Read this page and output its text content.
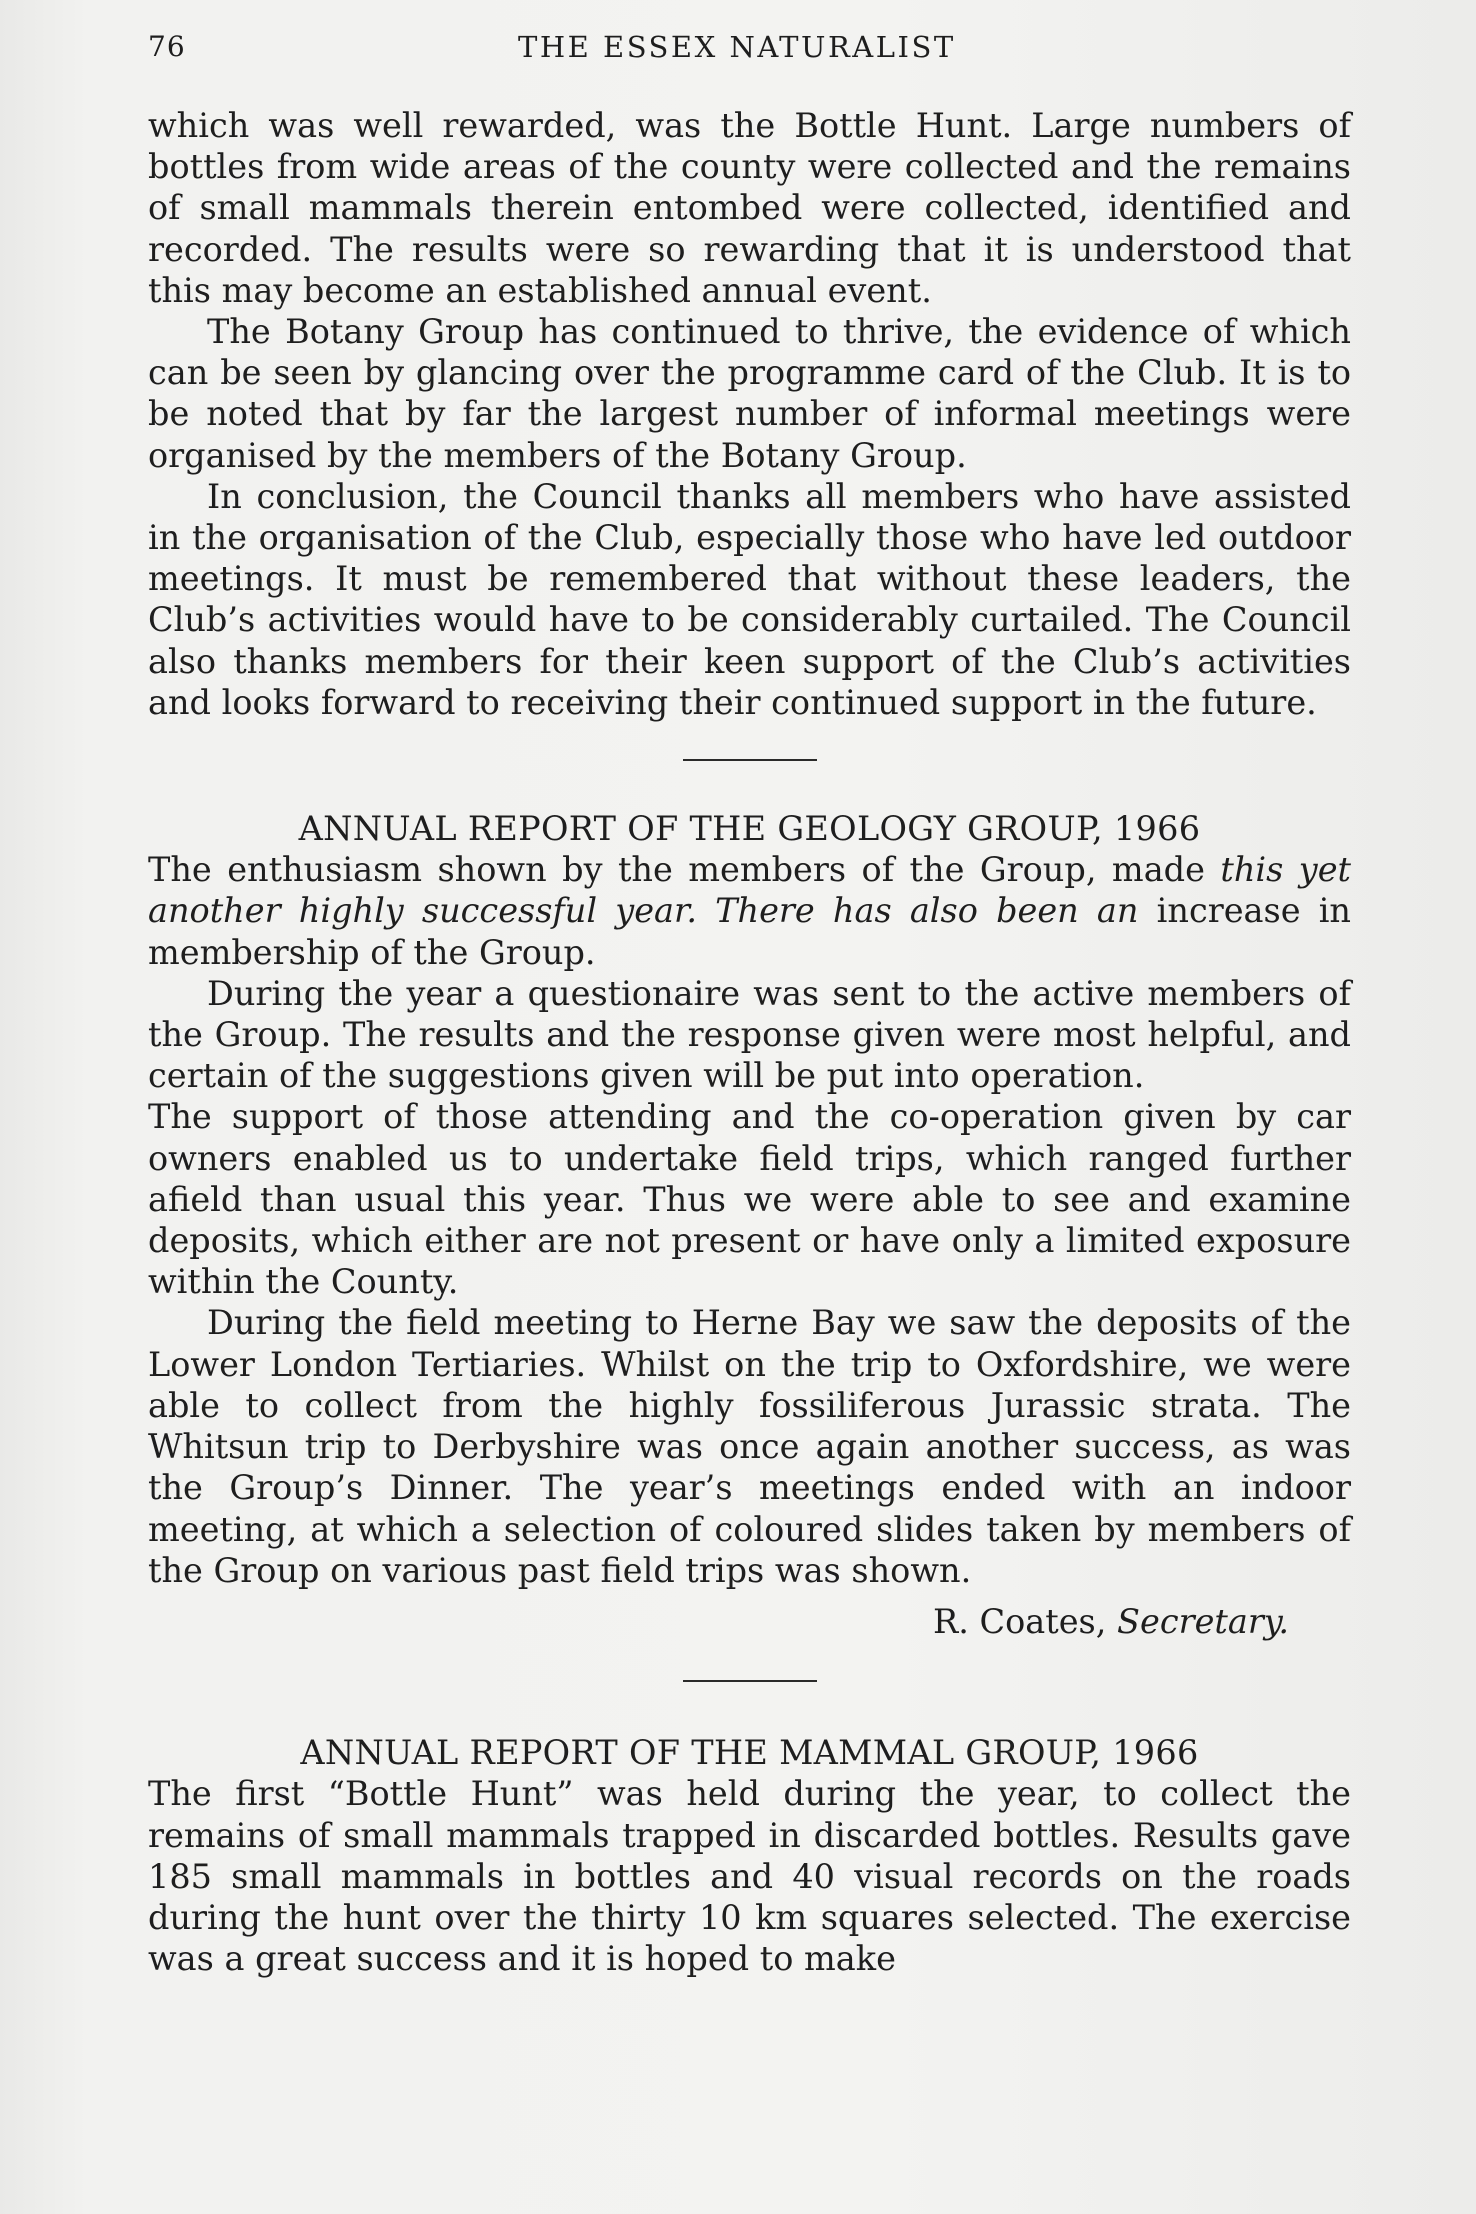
76	THE ESSEX NATURALIST

which was well rewarded, was the Bottle Hunt. Large numbers of bottles from wide areas of the county were collected and the remains of small mammals therein entombed were collected, identified and recorded. The results were so rewarding that it is understood that this may become an established annual event.

The Botany Group has continued to thrive, the evidence of which can be seen by glancing over the programme card of the Club. It is to be noted that by far the largest number of informal meetings were organised by the members of the Botany Group.

In conclusion, the Council thanks all members who have assisted in the organisation of the Club, especially those who have led outdoor meetings. It must be remembered that without these leaders, the Club’s activities would have to be considerably curtailed. The Council also thanks members for their keen support of the Club’s activities and looks forward to receiving their continued support in the future.

ANNUAL REPORT OF THE GEOLOGY GROUP, 1966

The enthusiasm shown by the members of the Group, made this yet another highly successful year. There has also been an increase in membership of the Group.

During the year a questionaire was sent to the active members of the Group. The results and the response given were most helpful, and certain of the suggestions given will be put into operation.

The support of those attending and the co-operation given by car owners enabled us to undertake field trips, which ranged further afield than usual this year. Thus we were able to see and examine deposits, which either are not present or have only a limited exposure within the County.

During the field meeting to Herne Bay we saw the deposits of the Lower London Tertiaries. Whilst on the trip to Oxfordshire, we were able to collect from the highly fossiliferous Jurassic strata. The Whitsun trip to Derbyshire was once again another success, as was the Group’s Dinner. The year’s meetings ended with an indoor meeting, at which a selection of coloured slides taken by members of the Group on various past field trips was shown.

R. Coates, Secretary.
ANNUAL REPORT OF THE MAMMAL GROUP, 1966

The first “Bottle Hunt” was held during the year, to collect the remains of small mammals trapped in discarded bottles. Results gave 185 small mammals in bottles and 40 visual records on the roads during the hunt over the thirty 10 km squares selected. The exercise was a great success and it is hoped to make
